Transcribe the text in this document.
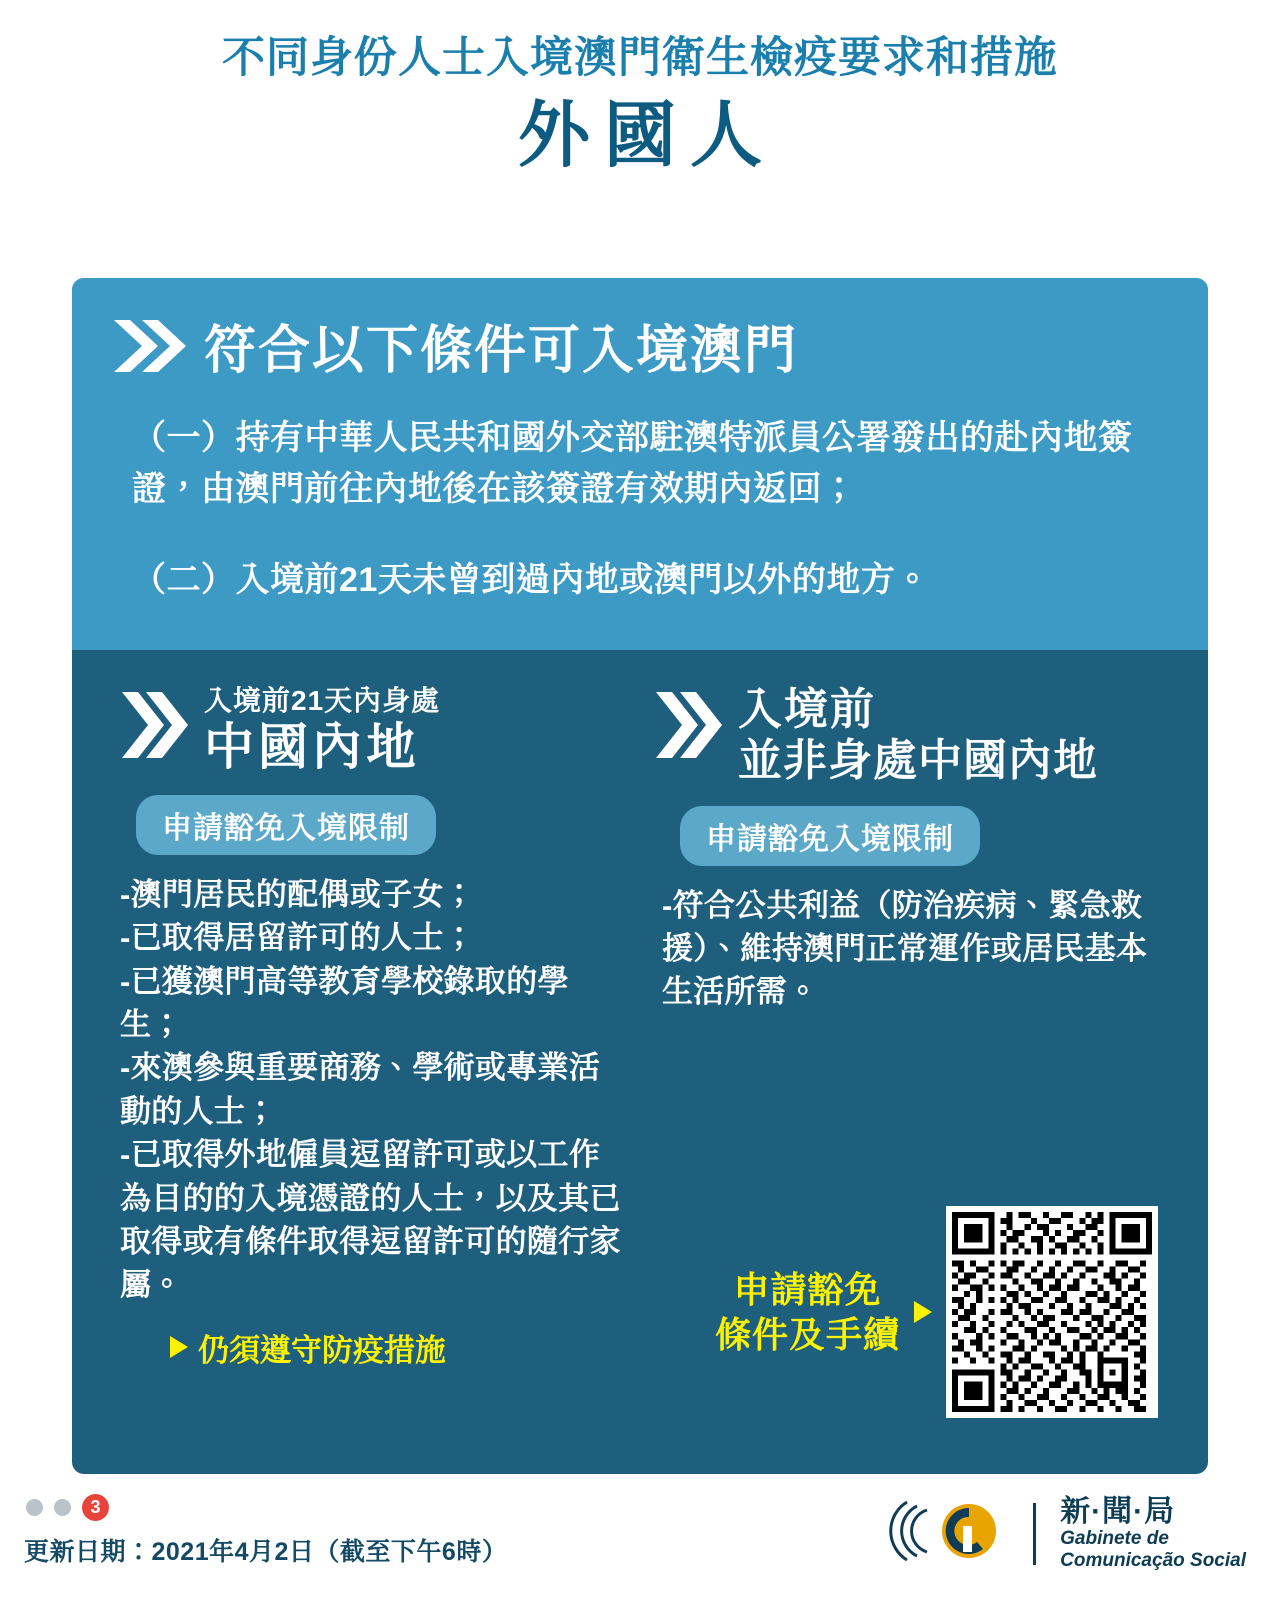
不同身份人士入境澳門衛生檢疫要求和措施
外國人
符合以下條件可入境澳門
（一）持有中華人民共和國外交部駐澳特派員公署發出的赴內地簽證，由澳門前往內地後在該簽證有效期內返回；
（二）入境前21天未曾到過內地或澳門以外的地方。
入境前21天內身處
中國內地
申請豁免入境限制
-澳門居民的配偶或子女；
-已取得居留許可的人士；
-已獲澳門高等教育學校錄取的學生；
-來澳參與重要商務、學術或專業活動的人士；
-已取得外地僱員逗留許可或以工作為目的的入境憑證的人士，以及其已取得或有條件取得逗留許可的隨行家屬。
仍須遵守防疫措施
入境前
並非身處中國內地
申請豁免入境限制
-符合公共利益（防治疾病、緊急救援）、維持澳門正常運作或居民基本生活所需。
申請豁免
條件及手續
3
更新日期：2021年4月2日（截至下午6時）
新·聞·局
Gabinete de
Comunicação Social
